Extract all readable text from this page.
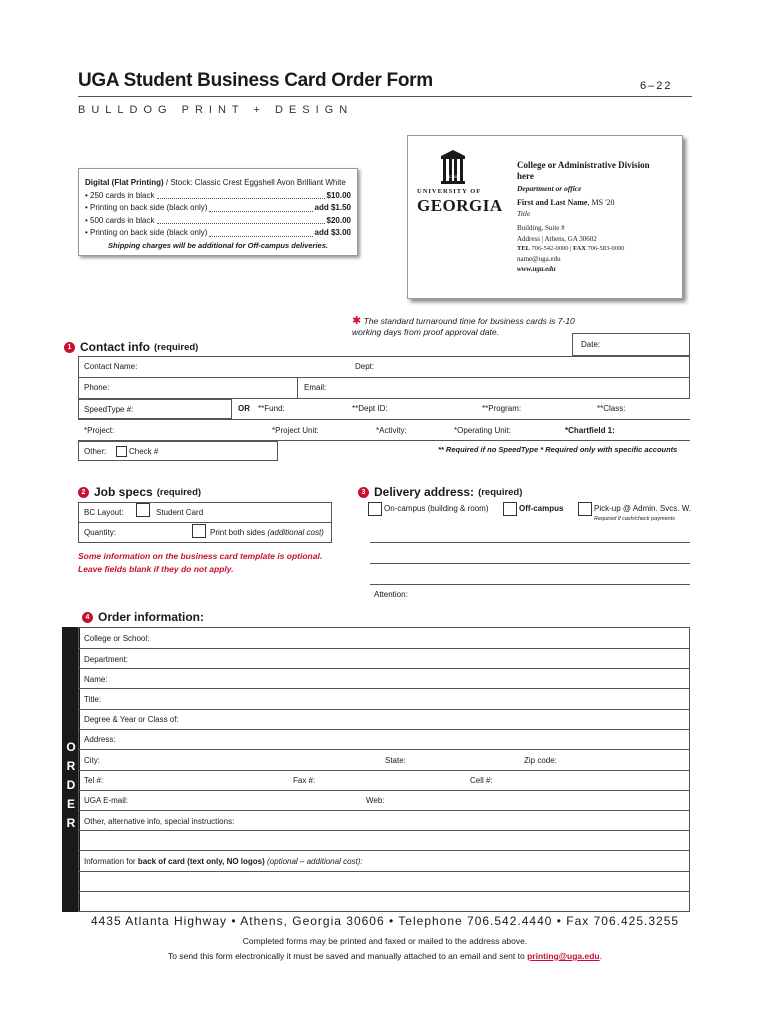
UGA Student Business Card Order Form	6–22
BULLDOG PRINT + DESIGN
Digital (Flat Printing) / Stock: Classic Crest Eggshell Avon Brilliant White
• 250 cards in black	$10.00
• Printing on back side (black only)	add $1.50
• 500 cards in black	$20.00
• Printing on back side (black only)	add $3.00
Shipping charges will be additional for Off-campus deliveries.
1785
UNIVERSITY OF
GEORGIA
College or Administrative Division here
Department or office
First and Last Name, MS '20
Title
Building, Suite #
Address | Athens, GA 30602
TEL 706-542-0000 | FAX 706-583-0000
name@uga.edu
www.uga.edu
✱ The standard turnaround time for business cards is 7-10 working days from proof approval date.
1 Contact info (required)	Date:
Contact Name:	Dept:
Phone:	Email:
SpeedType #:	OR **Fund:	**Dept ID:	**Program:	**Class:
*Project:	*Project Unit:	*Activity:	*Operating Unit:	*Chartfield 1:
Other:	Check #	** Required if no SpeedType * Required only with specific accounts
2 Job specs (required)
BC Layout:	Student Card
Quantity:	Print both sides (additional cost)
Some information on the business card template is optional.
Leave fields blank if they do not apply.
3 Delivery address: (required)
On-campus (building & room)	Off-campus	Pick-up @ Admin. Svcs. W.
Required if cash/check payments
Attention:
4 Order information:
O
R
D
E
R
College or School:
Department:
Name:
Title:
Degree & Year or Class of:
Address:
City:	State:	Zip code:
Tel #:	Fax #:	Cell #:
UGA E-mail:	Web:
Other, alternative info, special instructions:
Information for back of card (text only, NO logos) (optional – additional cost):
4435 Atlanta Highway • Athens, Georgia 30606 • Telephone 706.542.4440 • Fax 706.425.3255
Completed forms may be printed and faxed or mailed to the address above.
To send this form electronically it must be saved and manually attached to an email and sent to printing@uga.edu.
